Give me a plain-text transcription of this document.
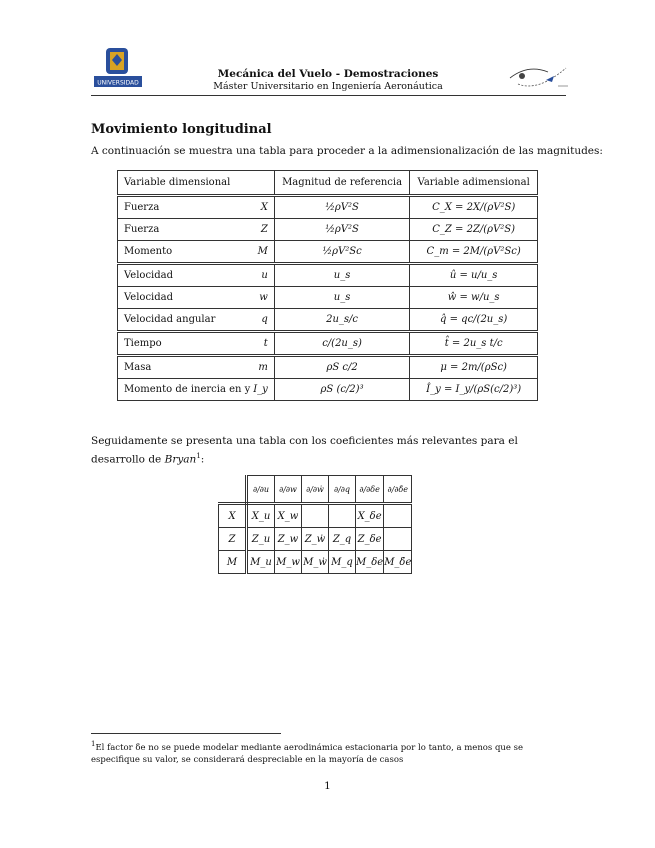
UNIVERSIDAD
Mecánica del Vuelo - Demostraciones
Máster Universitario en Ingeniería Aeronáutica
Movimiento longitudinal
A continuación se muestra una tabla para proceder a la adimensionalización de las magnitudes:
Variable dimensional	Magnitud de referencia	Variable adimensional

Fuerza X	½ρV²S	C_X = 2X/(ρV²S)

Fuerza Z	½ρV²S	C_Z = 2Z/(ρV²S)

Momento M	½ρV²Sc	C_m = 2M/(ρV²Sc)

Velocidad u	u_s	û = u/u_s

Velocidad w	u_s	ŵ = w/u_s

Velocidad angular q	2u_s/c	q̂ = qc/(2u_s)

Tiempo t	c/(2u_s)	t̂ = 2u_s t/c

Masa m	ρS c/2	μ = 2m/(ρSc)

Momento de inercia en y I_y	ρS (c/2)³	Î_y = I_y/(ρS(c/2)³)
Seguidamente se presenta una tabla con los coeficientes más relevantes para el desarrollo de Bryan$^1$:
	∂/∂u	∂/∂w	∂/∂ẇ	∂/∂q	∂/∂δe	∂/∂δ̇e
X	X_u	X_w			X_δe	
Z	Z_u	Z_w	Z_ẇ	Z_q	Z_δe	
M	M_u	M_w	M_ẇ	M_q	M_δe	M_δ̇e
$^1$El factor δ̇e no se puede modelar mediante aerodinámica estacionaria por lo tanto, a menos que se especifique su valor, se considerará despreciable en la mayoría de casos
1
